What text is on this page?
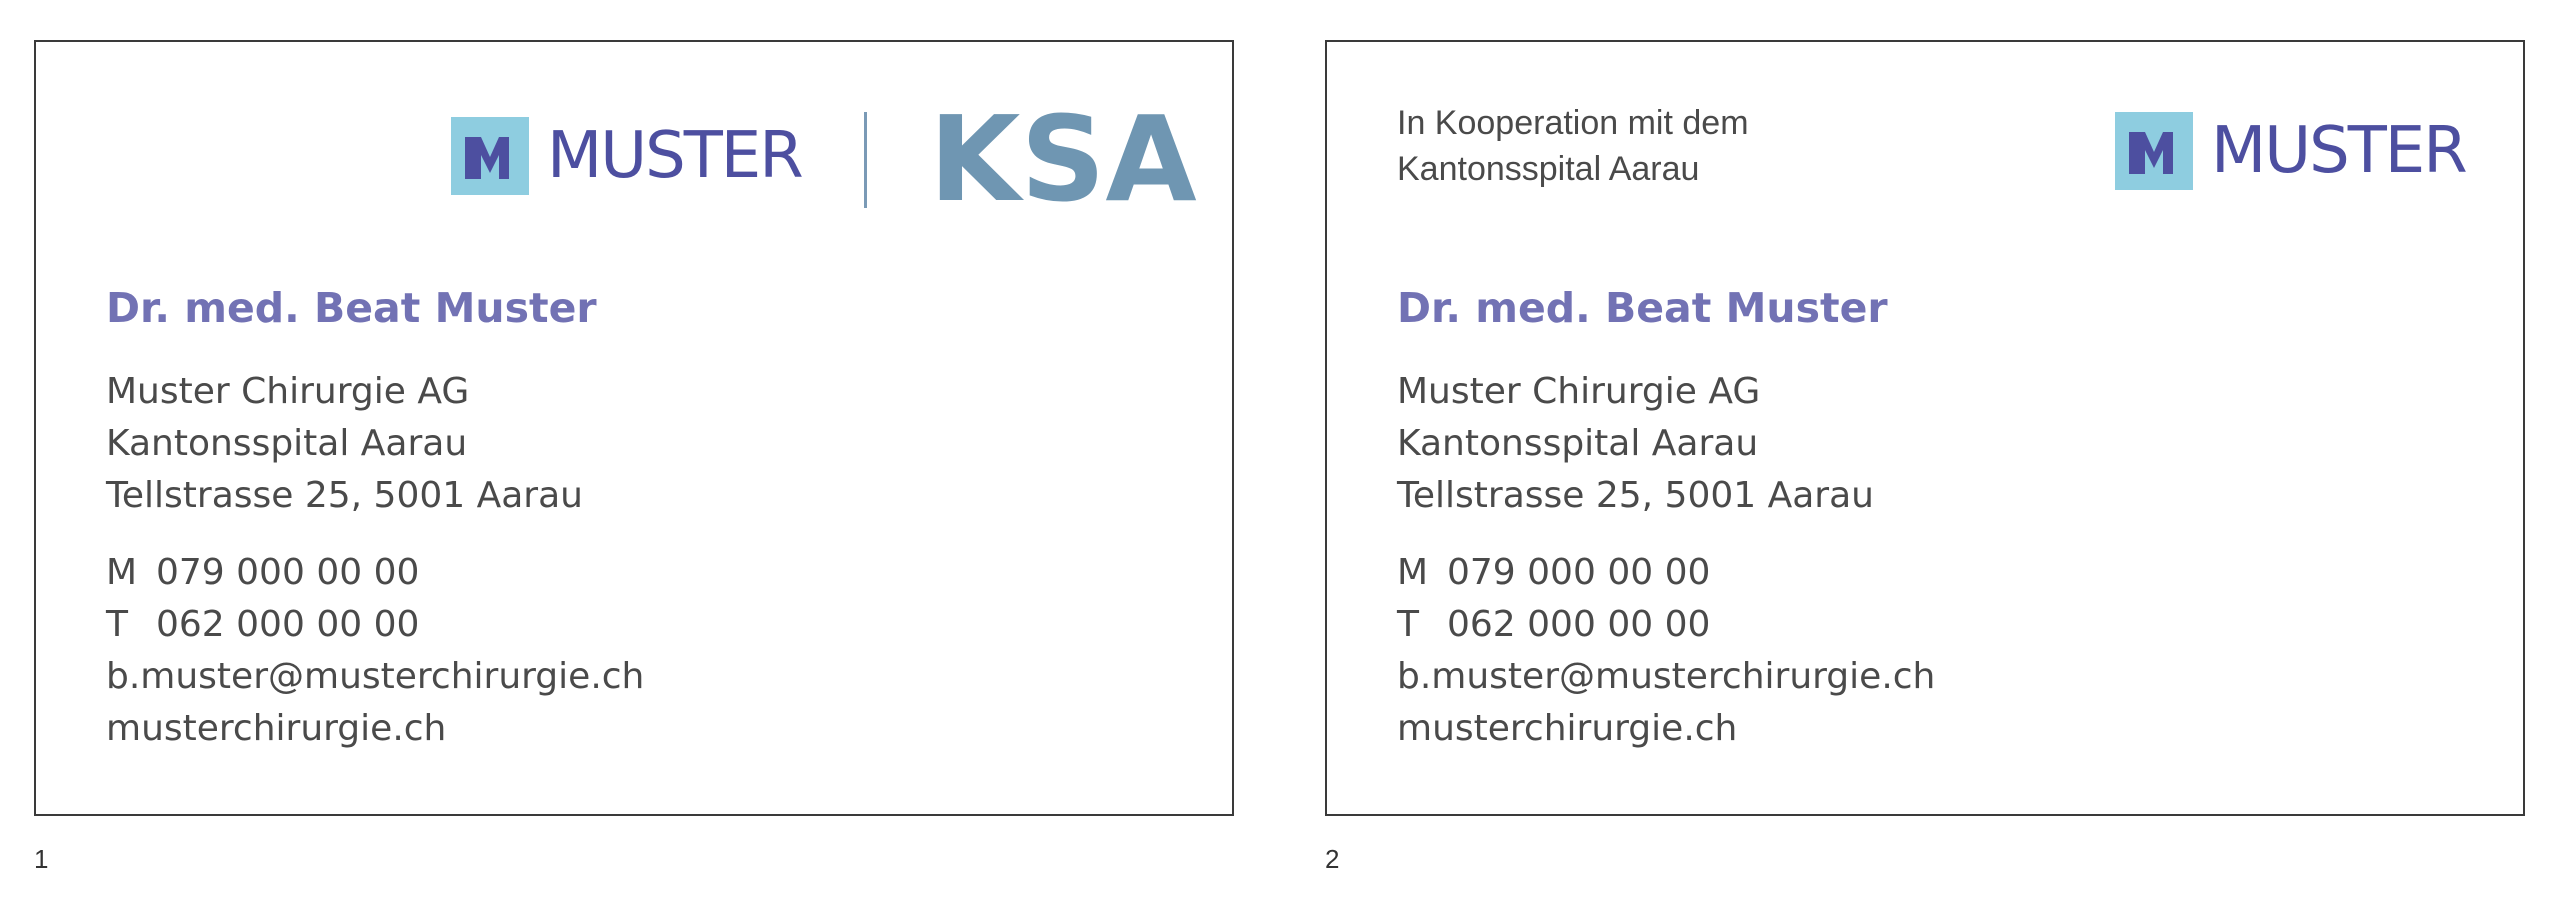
MUSTER KSA
Dr. med. Beat Muster
Muster Chirurgie AG
Kantonsspital Aarau
Tellstrasse 25, 5001 Aarau
M 079 000 00 00
T 062 000 00 00
b.muster@musterchirurgie.ch
musterchirurgie.ch
1
In Kooperation mit dem
Kantonsspital Aarau	MUSTER
Dr. med. Beat Muster
Muster Chirurgie AG
Kantonsspital Aarau
Tellstrasse 25, 5001 Aarau
M 079 000 00 00
T 062 000 00 00
b.muster@musterchirurgie.ch
musterchirurgie.ch
2
